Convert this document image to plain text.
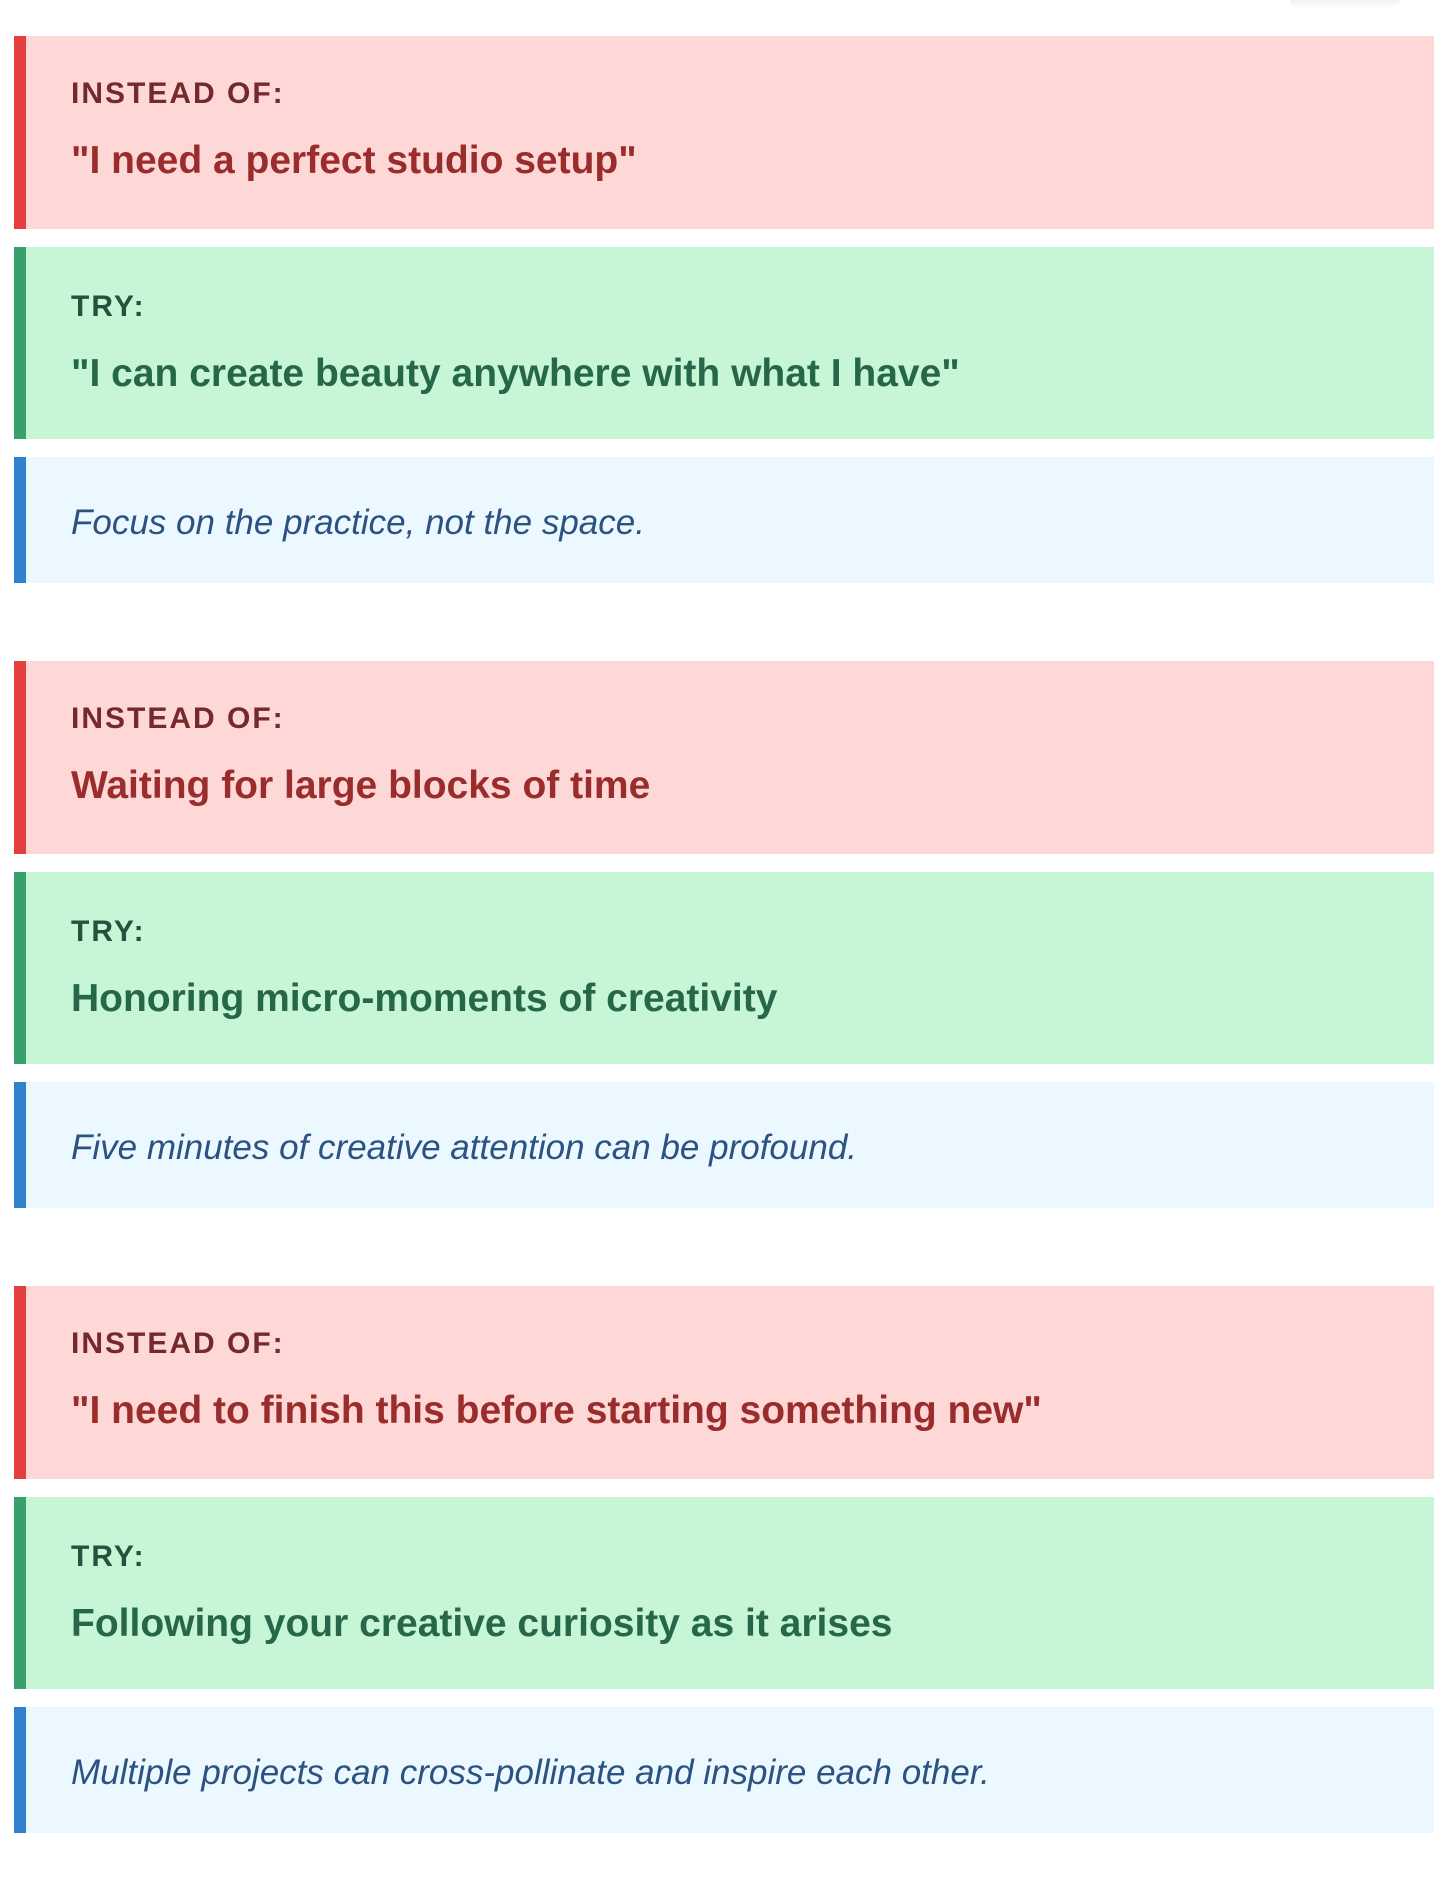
INSTEAD OF:
"I need a perfect studio setup"
TRY:
"I can create beauty anywhere with what I have"
Focus on the practice, not the space.
INSTEAD OF:
Waiting for large blocks of time
TRY:
Honoring micro-moments of creativity
Five minutes of creative attention can be profound.
INSTEAD OF:
"I need to finish this before starting something new"
TRY:
Following your creative curiosity as it arises
Multiple projects can cross-pollinate and inspire each other.
